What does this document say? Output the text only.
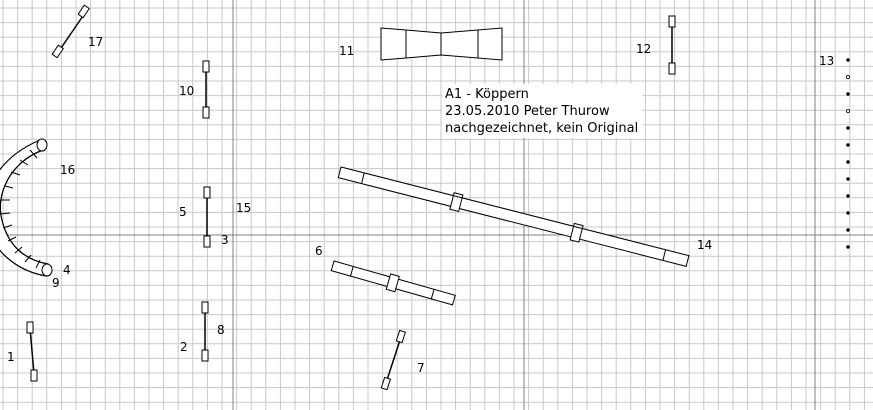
17
10
5	15
3
2
8
1
16
4
9
11	12
13
14
6
7
A1 - Köppern
23.05.2010 Peter Thurow
nachgezeichnet, kein Original
